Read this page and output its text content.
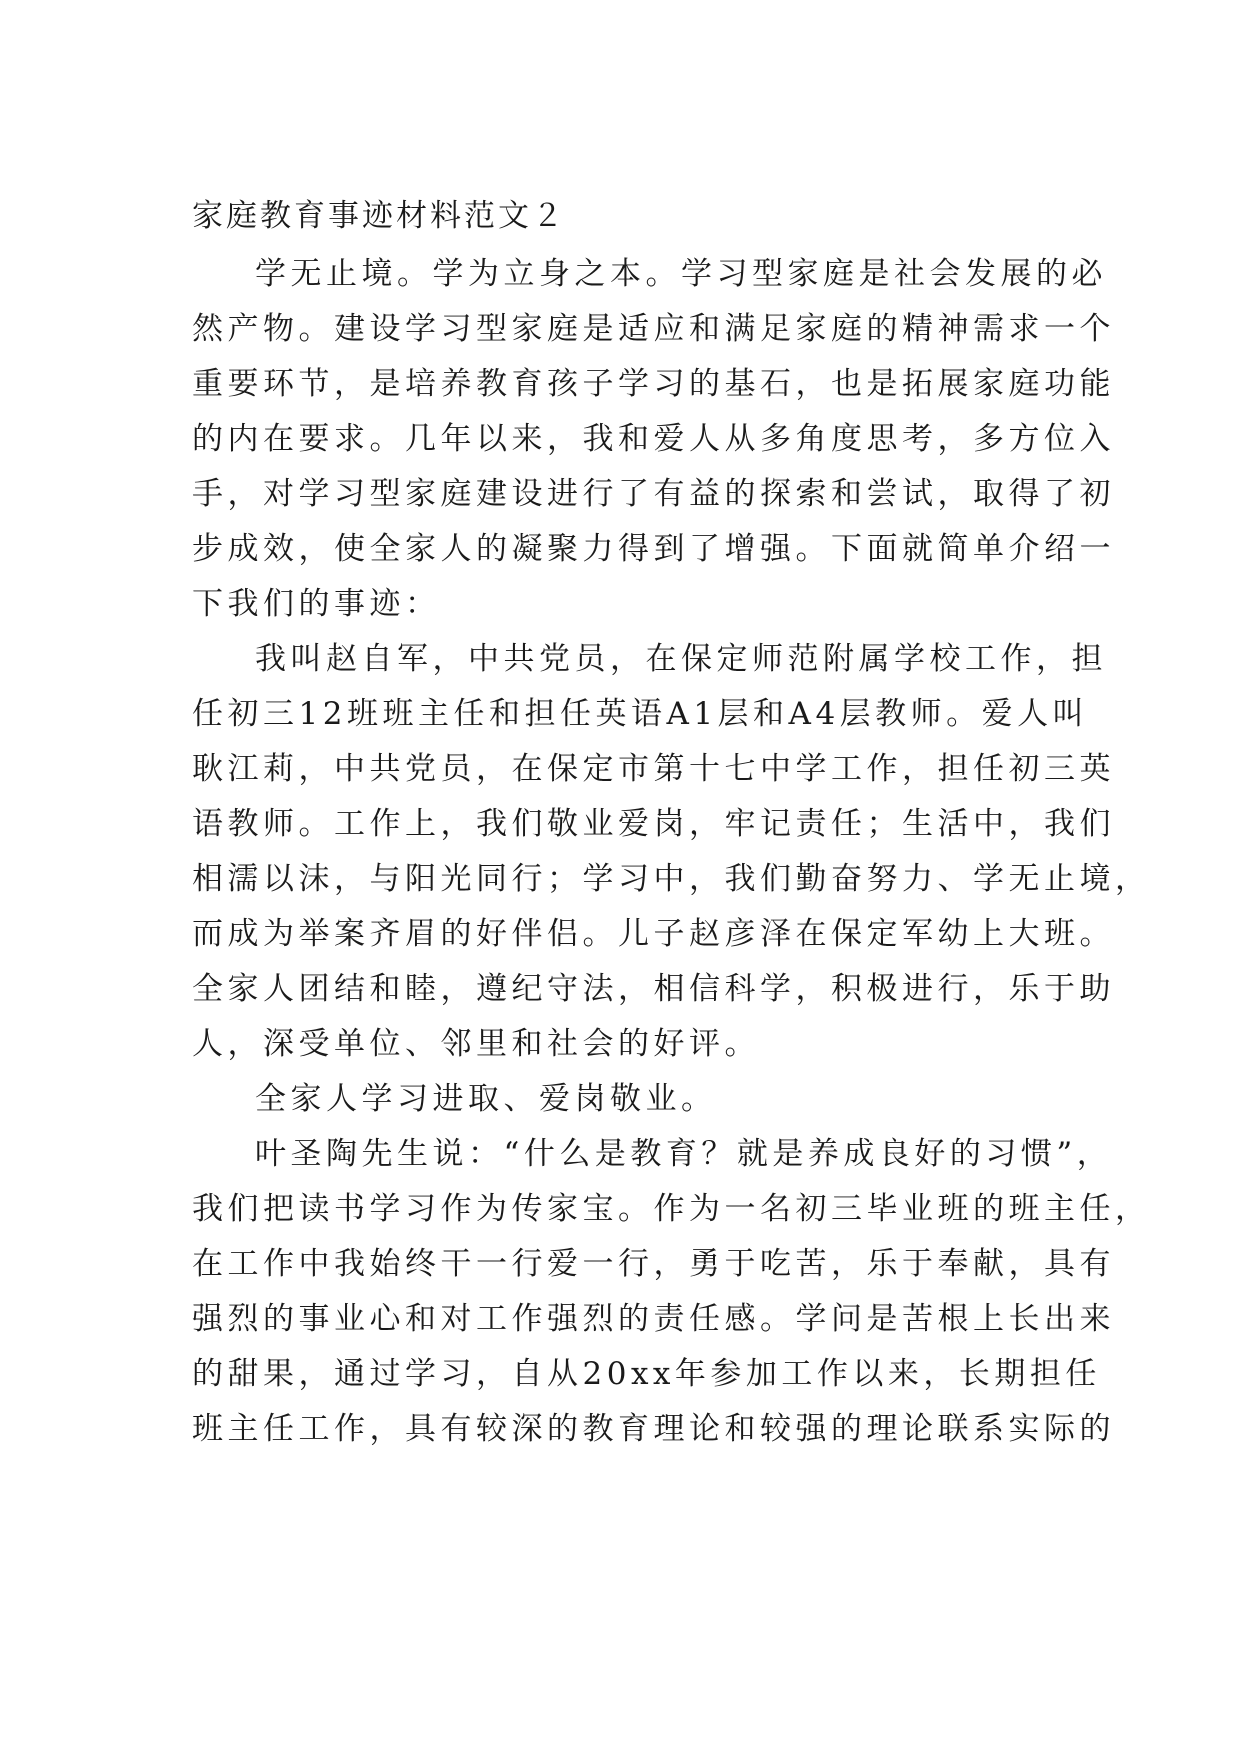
家庭教育事迹材料范文２
学无止境。学为立身之本。学习型家庭是社会发展的必
然产物。建设学习型家庭是适应和满足家庭的精神需求一个
重要环节，是培养教育孩子学习的基石，也是拓展家庭功能
的内在要求。几年以来，我和爱人从多角度思考，多方位入
手，对学习型家庭建设进行了有益的探索和尝试，取得了初
步成效，使全家人的凝聚力得到了增强。下面就简单介绍一
下我们的事迹：
我叫赵自军，中共党员，在保定师范附属学校工作，担
任初三12班班主任和担任英语A1层和A4层教师。爱人叫
耿江莉，中共党员，在保定市第十七中学工作，担任初三英
语教师。工作上，我们敬业爱岗，牢记责任；生活中，我们
相濡以沫，与阳光同行；学习中，我们勤奋努力、学无止境，
而成为举案齐眉的好伴侣。儿子赵彦泽在保定军幼上大班。
全家人团结和睦，遵纪守法，相信科学，积极进行，乐于助
人，深受单位、邻里和社会的好评。
全家人学习进取、爱岗敬业。
叶圣陶先生说：“什么是教育？就是养成良好的习惯”，
我们把读书学习作为传家宝。作为一名初三毕业班的班主任，
在工作中我始终干一行爱一行，勇于吃苦，乐于奉献，具有
强烈的事业心和对工作强烈的责任感。学问是苦根上长出来
的甜果，通过学习，自从20xx年参加工作以来，长期担任
班主任工作，具有较深的教育理论和较强的理论联系实际的
